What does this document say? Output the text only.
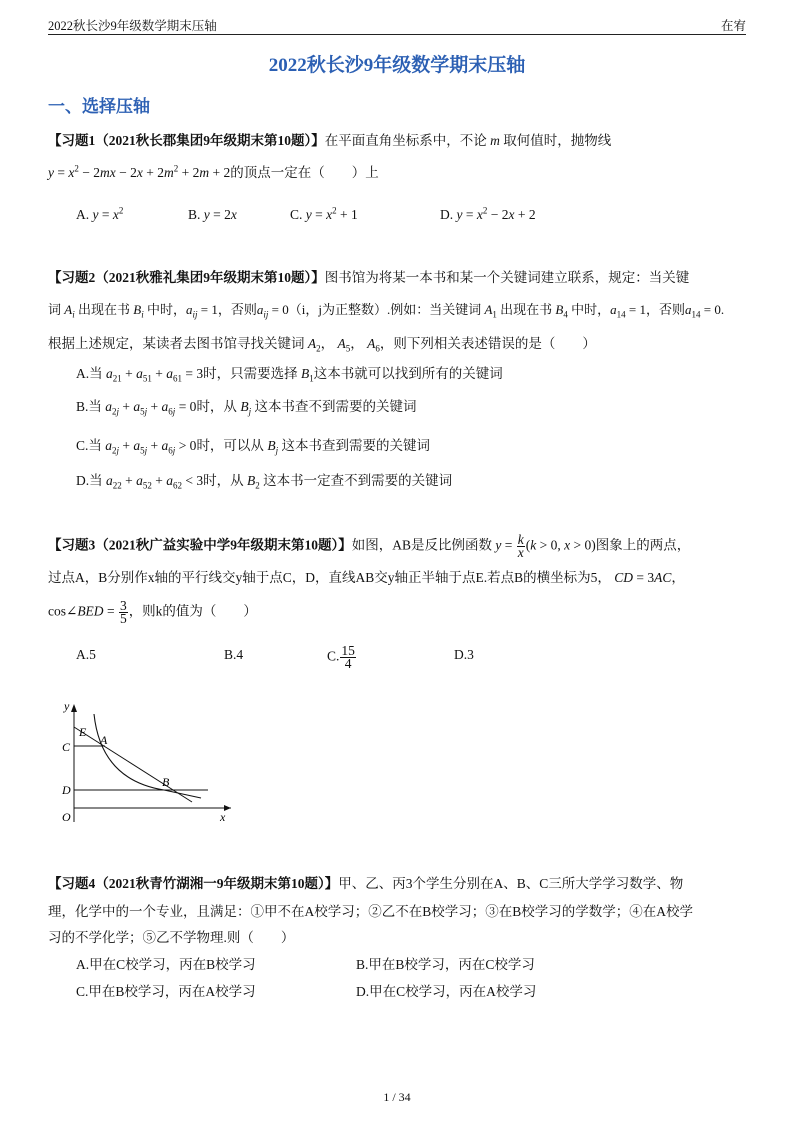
2022秋长沙9年级数学期末压轴	在宥
2022秋长沙9年级数学期末压轴
一、选择压轴
【习题1（2021秋长郡集团9年级期末第10题）】在平面直角坐标系中，不论 m 取何值时，抛物线
$y = x^2 - 2mx - 2x + 2m^2 + 2m + 2$的顶点一定在（　　）上
A. $y = x^2$	B. y = 2x	C. $y = x^2 + 1$	D. $y = x^2 - 2x + 2$
【习题2（2021秋雅礼集团9年级期末第10题）】图书馆为将某一本书和某一个关键词建立联系，规定：当关键
词 $A_i$ 出现在书 $B_i$ 中时，$a_{ij} = 1$，否则$a_{ij} = 0(i$，j为正整数）.例如：当关键词 $A_1$ 出现在书 $B_4$ 中时，$a_{14} = 1$，否则$a_{14} = 0$.
根据上述规定，某读者去图书馆寻找关键词 $A_2$， $A_5$， $A_6$，则下列相关表述错误的是（　　）
A.当 $a_{21} + a_{51} + a_{61} = 3$时，只需要选择 $B_1$这本书就可以找到所有的关键词
B.当 $a_{2j} + a_{5j} + a_{6j} = 0$时，从 $B_j$ 这本书查不到需要的关键词
C.当 $a_{2j} + a_{5j} + a_{6j} > 0$时，可以从 $B_j$ 这本书查到需要的关键词
D.当 $a_{22} + a_{52} + a_{62} < 3$时，从 $B_2$ 这本书一定查不到需要的关键词
【习题3（2021秋广益实验中学9年级期末第10题）】如图，AB是反比例函数 $y = \frac{k}{x} (k > 0$, x > 0)图象上的两点，
过点A，B分别作x轴的平行线交y轴于点C，D，直线AB交y轴正半轴于点E.若点B的横坐标为5， CD = 3AC，
cos∠BED = $\frac{3}{5}$ ，则k的值为（　　）
A.5	B.4	C. $\frac{15}{4}$	D.3
y
x
O
C
D
E
A
B
【习题4（2021秋青竹湖湘一9年级期末第10题）】甲、乙、丙3个学生分别在A、B、C三所大学学习数学、物
理，化学中的一个专业，且满足：①甲不在A校学习；②乙不在B校学习；③在B校学习的学数学；④在A校学
习的不学化学；⑤乙不学物理.则（　　）
A.甲在C校学习，丙在B校学习	B.甲在B校学习，丙在C校学习
C.甲在B校学习，丙在A校学习	D.甲在C校学习，丙在A校学习
1 / 34
